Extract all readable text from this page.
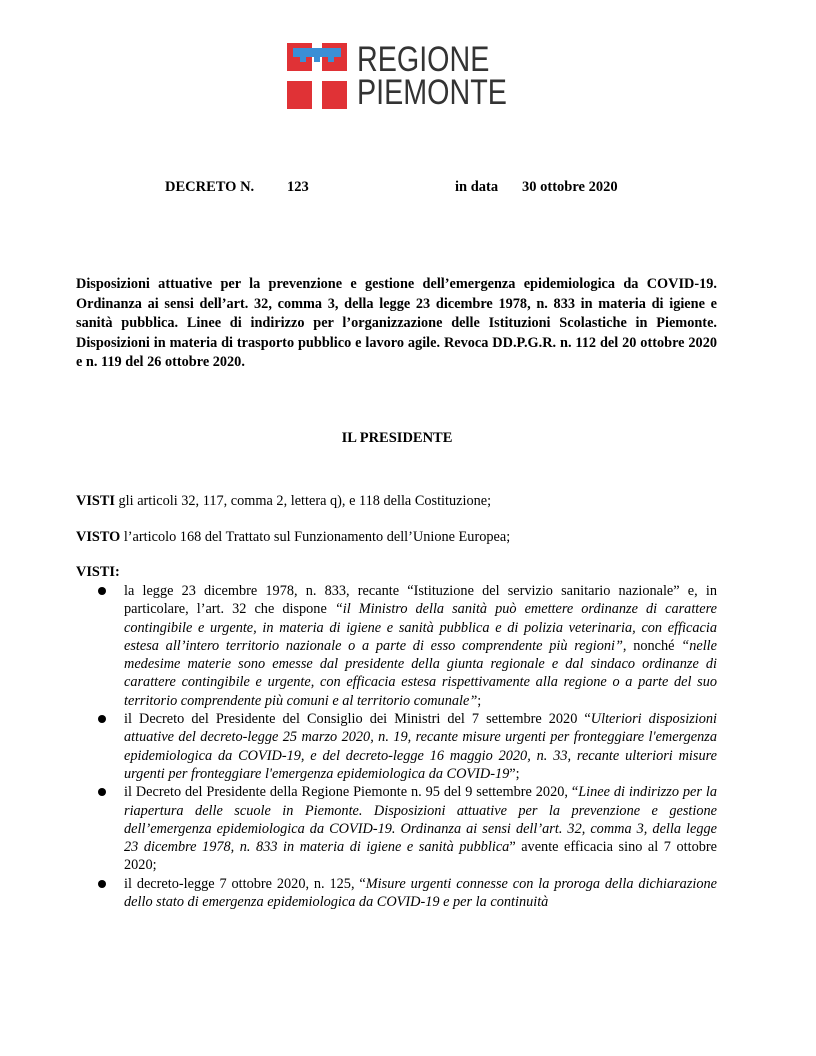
REGIONE
PIEMONTE
DECRETO N. 123	in data 30 ottobre 2020
Disposizioni attuative per la prevenzione e gestione dell’emergenza epidemiologica da COVID-19. Ordinanza ai sensi dell’art. 32, comma 3, della legge 23 dicembre 1978, n. 833 in materia di igiene e sanità pubblica. Linee di indirizzo per l’organizzazione delle Istituzioni Scolastiche in Piemonte. Disposizioni in materia di trasporto pubblico e lavoro agile. Revoca DD.P.G.R. n. 112 del 20 ottobre 2020 e n. 119 del 26 ottobre 2020.
IL PRESIDENTE
VISTI gli articoli 32, 117, comma 2, lettera q), e 118 della Costituzione;
VISTO l’articolo 168 del Trattato sul Funzionamento dell’Unione Europea;
VISTI:
la legge 23 dicembre 1978, n. 833, recante “Istituzione del servizio sanitario nazionale” e, in particolare, l’art. 32 che dispone “il Ministro della sanità può emettere ordinanze di carattere contingibile e urgente, in materia di igiene e sanità pubblica e di polizia veterinaria, con efficacia estesa all’intero territorio nazionale o a parte di esso comprendente più regioni”, nonché “nelle medesime materie sono emesse dal presidente della giunta regionale e dal sindaco ordinanze di carattere contingibile e urgente, con efficacia estesa rispettivamente alla regione o a parte del suo territorio comprendente più comuni e al territorio comunale”;
il Decreto del Presidente del Consiglio dei Ministri del 7 settembre 2020 “Ulteriori disposizioni attuative del decreto-legge 25 marzo 2020, n. 19, recante misure urgenti per fronteggiare l'emergenza epidemiologica da COVID-19, e del decreto-legge 16 maggio 2020, n. 33, recante ulteriori misure urgenti per fronteggiare l'emergenza epidemiologica da COVID-19”;
il Decreto del Presidente della Regione Piemonte n. 95 del 9 settembre 2020, “Linee di indirizzo per la riapertura delle scuole in Piemonte. Disposizioni attuative per la prevenzione e gestione dell’emergenza epidemiologica da COVID-19. Ordinanza ai sensi dell’art. 32, comma 3, della legge 23 dicembre 1978, n. 833 in materia di igiene e sanità pubblica” avente efficacia sino al 7 ottobre 2020;
il decreto-legge 7 ottobre 2020, n. 125, “Misure urgenti connesse con la proroga della dichiarazione dello stato di emergenza epidemiologica da COVID-19 e per la continuità
